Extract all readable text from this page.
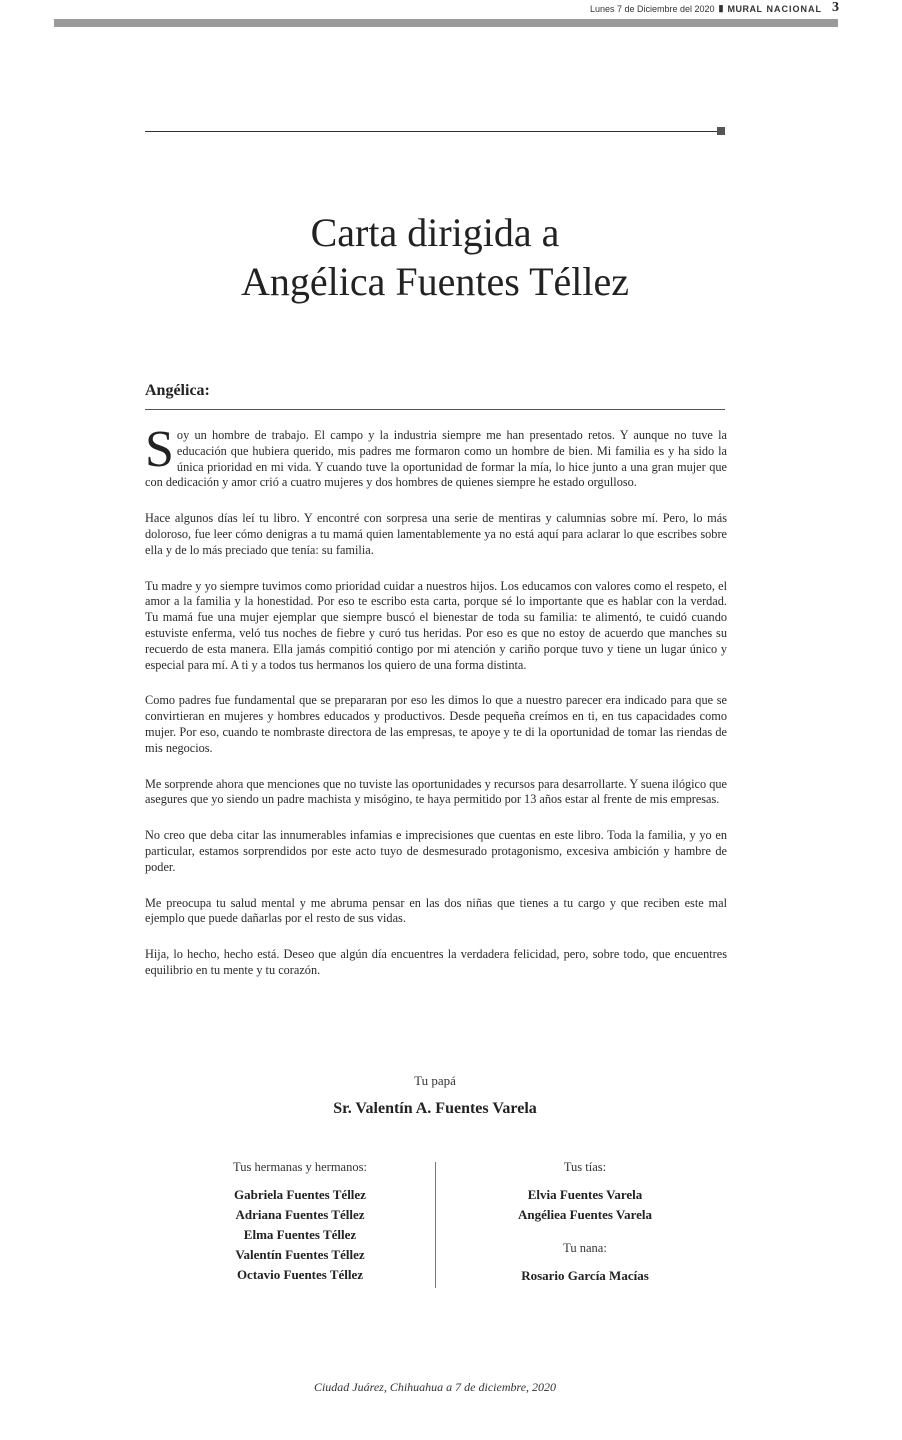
Lunes 7 de Diciembre del 2020 ▮ MURAL NACIONAL 3
Carta dirigida a
Angélica Fuentes Téllez
Angélica:

Soy un hombre de trabajo. El campo y la industria siempre me han presentado retos. Y aunque no tuve la educación que hubiera querido, mis padres me formaron como un hombre de bien. Mi familia es y ha sido la única prioridad en mi vida. Y cuando tuve la oportunidad de formar la mía, lo hice junto a una gran mujer que con dedicación y amor crió a cuatro mujeres y dos hombres de quienes siempre he estado orgulloso.

Hace algunos días leí tu libro. Y encontré con sorpresa una serie de mentiras y calumnias sobre mí. Pero, lo más doloroso, fue leer cómo denigras a tu mamá quien lamentablemente ya no está aquí para aclarar lo que escribes sobre ella y de lo más preciado que tenía: su familia.

Tu madre y yo siempre tuvimos como prioridad cuidar a nuestros hijos. Los educamos con valores como el respeto, el amor a la familia y la honestidad. Por eso te escribo esta carta, porque sé lo importante que es hablar con la verdad. Tu mamá fue una mujer ejemplar que siempre buscó el bienestar de toda su familia: te alimentó, te cuidó cuando estuviste enferma, veló tus noches de fiebre y curó tus heridas. Por eso es que no estoy de acuerdo que manches su recuerdo de esta manera. Ella jamás compitió contigo por mi atención y cariño porque tuvo y tiene un lugar único y especial para mí. A ti y a todos tus hermanos los quiero de una forma distinta.

Como padres fue fundamental que se prepararan por eso les dimos lo que a nuestro parecer era indicado para que se convirtieran en mujeres y hombres educados y productivos. Desde pequeña creímos en ti, en tus capacidades como mujer. Por eso, cuando te nombraste directora de las empresas, te apoye y te di la oportunidad de tomar las riendas de mis negocios.

Me sorprende ahora que menciones que no tuviste las oportunidades y recursos para desarrollarte. Y suena ilógico que asegures que yo siendo un padre machista y misógino, te haya permitido por 13 años estar al frente de mis empresas.

No creo que deba citar las innumerables infamias e imprecisiones que cuentas en este libro. Toda la familia, y yo en particular, estamos sorprendidos por este acto tuyo de desmesurado protagonismo, excesiva ambición y hambre de poder.

Me preocupa tu salud mental y me abruma pensar en las dos niñas que tienes a tu cargo y que reciben este mal ejemplo que puede dañarlas por el resto de sus vidas.

Hija, lo hecho, hecho está. Deseo que algún día encuentres la verdadera felicidad, pero, sobre todo, que encuentres equilibrio en tu mente y tu corazón.

Tu papá
Sr. Valentín A. Fuentes Varela
Tus hermanas y hermanos:
Gabriela Fuentes Téllez
Adriana Fuentes Téllez
Elma Fuentes Téllez
Valentín Fuentes Téllez
Octavio Fuentes Téllez
Tus tías:
Elvia Fuentes Varela
Angéliea Fuentes Varela
Tu nana:
Rosario García Macías
Ciudad Juárez, Chihuahua a 7 de diciembre, 2020
